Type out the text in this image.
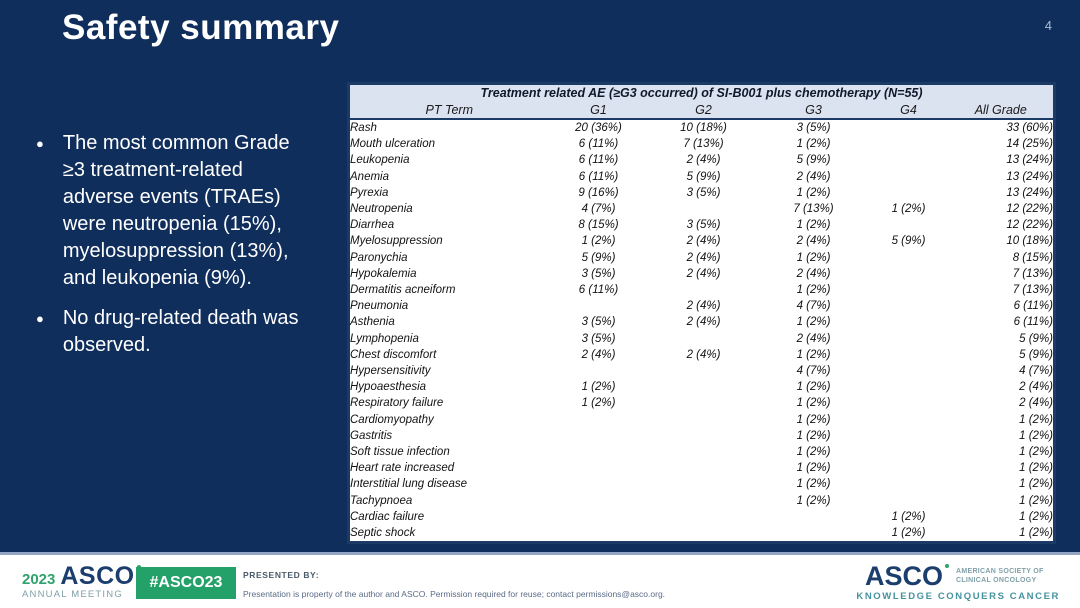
4
Safety summary
● The most common Grade ≥3 treatment-related adverse events (TRAEs) were neutropenia (15%), myelosuppression (13%), and leukopenia (9%).
● No drug-related death was observed.
Treatment related AE (≥G3 occurred) of SI-B001 plus chemotherapy (N=55)					
PT Term	G1	G2	G3	G4	All Grade
Rash	20 (36%)	10 (18%)	3 (5%)		33 (60%)
Mouth ulceration	6 (11%)	7 (13%)	1 (2%)		14 (25%)
Leukopenia	6 (11%)	2 (4%)	5 (9%)		13 (24%)
Anemia	6 (11%)	5 (9%)	2 (4%)		13 (24%)
Pyrexia	9 (16%)	3 (5%)	1 (2%)		13 (24%)
Neutropenia	4 (7%)		7 (13%)	1 (2%)	12 (22%)
Diarrhea	8 (15%)	3 (5%)	1 (2%)		12 (22%)
Myelosuppression	1 (2%)	2 (4%)	2 (4%)	5 (9%)	10 (18%)
Paronychia	5 (9%)	2 (4%)	1 (2%)		8 (15%)
Hypokalemia	3 (5%)	2 (4%)	2 (4%)		7 (13%)
Dermatitis acneiform	6 (11%)		1 (2%)		7 (13%)
Pneumonia		2 (4%)	4 (7%)		6 (11%)
Asthenia	3 (5%)	2 (4%)	1 (2%)		6 (11%)
Lymphopenia	3 (5%)		2 (4%)		5 (9%)
Chest discomfort	2 (4%)	2 (4%)	1 (2%)		5 (9%)
Hypersensitivity			4 (7%)		4 (7%)
Hypoaesthesia	1 (2%)		1 (2%)		2 (4%)
Respiratory failure	1 (2%)		1 (2%)		2 (4%)
Cardiomyopathy			1 (2%)		1 (2%)
Gastritis			1 (2%)		1 (2%)
Soft tissue infection			1 (2%)		1 (2%)
Heart rate increased			1 (2%)		1 (2%)
Interstitial lung disease			1 (2%)		1 (2%)
Tachypnoea			1 (2%)		1 (2%)
Cardiac failure				1 (2%)	1 (2%)
Septic shock				1 (2%)	1 (2%)
2023 ASCO
ANNUAL MEETING
#ASCO23	PRESENTED BY:
Presentation is property of the author and ASCO. Permission required for reuse; contact permissions@asco.org.
ASCO AMERICAN SOCIETY OF CLINICAL ONCOLOGY
KNOWLEDGE CONQUERS CANCER
